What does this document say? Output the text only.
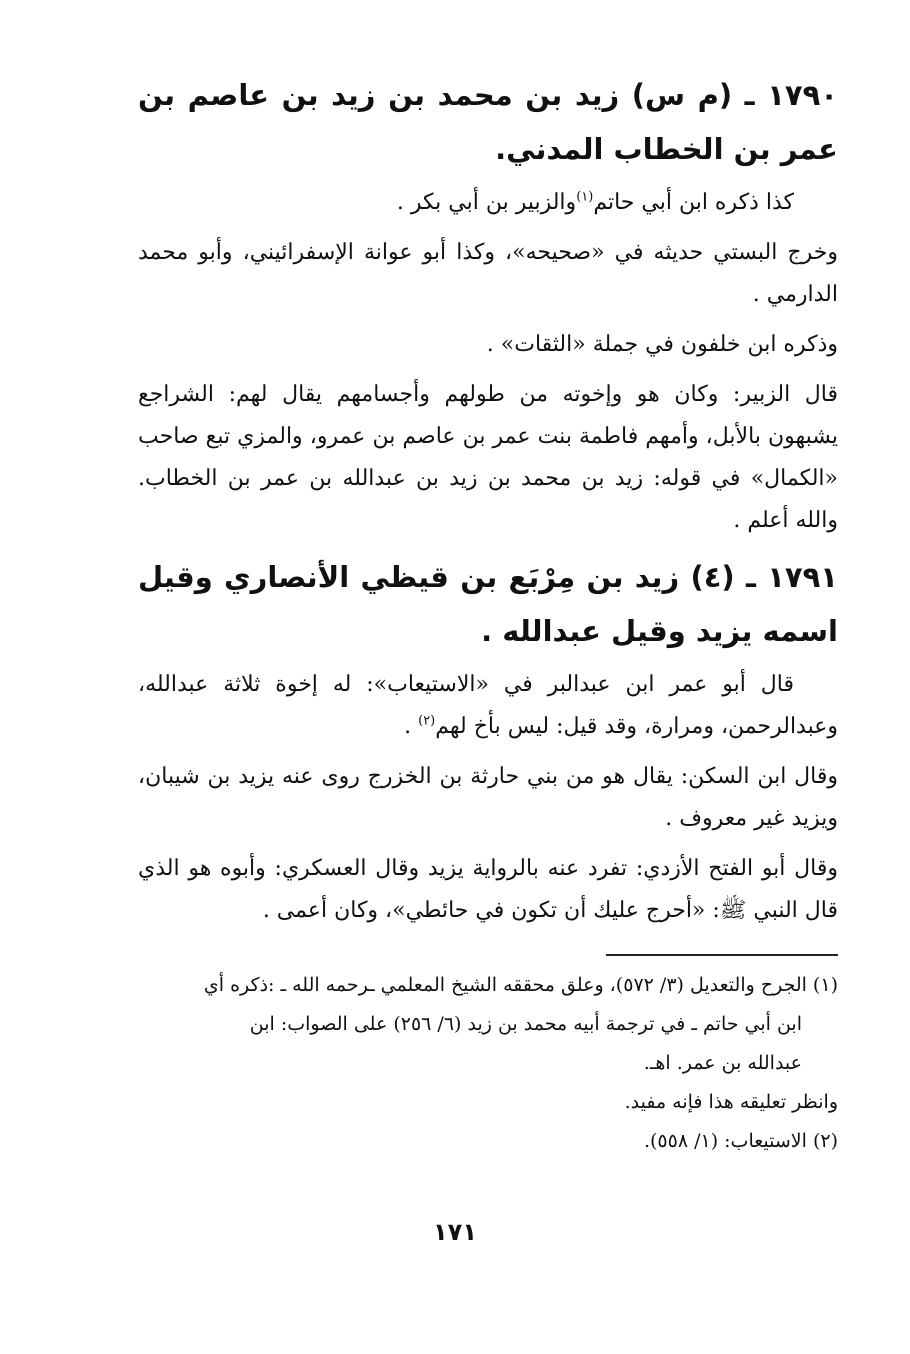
١٧٩٠ ـ (م س) زيد بن محمد بن زيد بن عاصم بن عمر بن الخطاب المدني.

كذا ذكره ابن أبي حاتم$^{(١)}$والزبير بن أبي بكر .

وخرج البستي حديثه في «صحيحه»، وكذا أبو عوانة الإسفرائيني، وأبو محمد الدارمي .

وذكره ابن خلفون في جملة «الثقات» .

قال الزبير: وكان هو وإخوته من طولهم وأجسامهم يقال لهم: الشراجع يشبهون بالأبل، وأمهم فاطمة بنت عمر بن عاصم بن عمرو، والمزي تبع صاحب «الكمال» في قوله: زيد بن محمد بن زيد بن عبدالله بن عمر بن الخطاب. والله أعلم .

١٧٩١ ـ (٤) زيد بن مِرْبَع بن قيظي الأنصاري وقيل اسمه يزيد وقيل عبدالله .

قال أبو عمر ابن عبدالبر في «الاستيعاب»: له إخوة ثلاثة عبدالله، وعبدالرحمن، ومرارة، وقد قيل: ليس بأخ لهم$^{(٢)}$ .

وقال ابن السكن: يقال هو من بني حارثة بن الخزرج روى عنه يزيد بن شيبان، ويزيد غير معروف .

وقال أبو الفتح الأزدي: تفرد عنه بالرواية يزيد وقال العسكري: وأبوه هو الذي قال النبي ﷺ: «أحرج عليك أن تكون في حائطي»، وكان أعمى .

(١) الجرح والتعديل (٣/ ٥٧٢)، وعلق محققه الشيخ المعلمي ـرحمه الله ـ :ذكره أي

ابن أبي حاتم ـ في ترجمة أبيه محمد بن زيد (٦/ ٢٥٦) على الصواب: ابن

عبدالله بن عمر. اهـ.

وانظر تعليقه هذا فإنه مفيد.

(٢) الاستيعاب: (١/ ٥٥٨).

١٧١
